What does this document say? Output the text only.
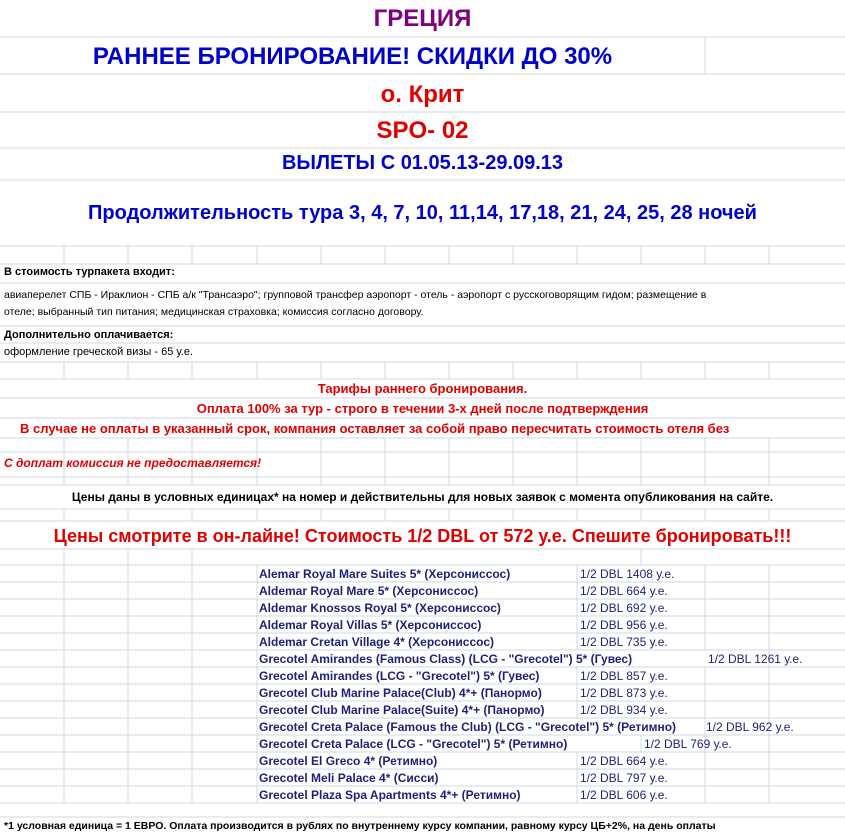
ГРЕЦИЯ
РАННЕЕ БРОНИРОВАНИЕ! СКИДКИ ДО 30%
о. Крит
SPO- 02
ВЫЛЕТЫ С 01.05.13-29.09.13
Продолжительность тура 3, 4, 7, 10, 11,14, 17,18, 21, 24, 25, 28 ночей
В стоимость турпакета входит:
авиаперелет СПБ - Ираклион - СПБ а/к "Трансаэро"; групповой трансфер аэропорт - отель - аэропорт с русскоговорящим гидом; размещение в
отеле; выбранный тип питания; медицинская страховка; комиссия согласно договору.
Дополнительно оплачивается:
оформление греческой визы - 65 у.е.
Тарифы раннего бронирования.
Оплата 100% за тур - строго в течении 3-х дней после подтверждения
В случае не оплаты в указанный срок, компания оставляет за собой право пересчитать стоимость отеля без
С доплат комиссия не предоставляется!
Цены даны в условных единицах* на номер и действительны для новых заявок с момента опубликования на сайте.
Цены смотрите в он-лайне! Стоимость 1/2 DBL от 572 у.е. Спешите бронировать!!!
Alemar Royal Mare Suites 5* (Херсониссос)	1/2 DBL 1408 у.е.
Aldemar Royal Mare 5* (Херсониссос)	1/2 DBL 664 у.е.
Aldemar Knossos Royal 5* (Херсониссос)	1/2 DBL 692 у.е.
Aldemar Royal Villas 5* (Херсониссос)	1/2 DBL 956 у.е.
Aldemar Cretan Village 4* (Херсониссос)	1/2 DBL 735 у.е.
Grecotel Amirandes (Famous Class) (LCG - "Grecotel") 5* (Гувес)	1/2 DBL 1261 у.е.
Grecotel Amirandes (LCG - "Grecotel") 5* (Гувес)	1/2 DBL 857 у.е.
Grecotel Club Marine Palace(Club) 4*+ (Панормо)	1/2 DBL 873 у.е.
Grecotel Club Marine Palace(Suite) 4*+ (Панормо)	1/2 DBL 934 у.е.
Grecotel Creta Palace (Famous the Club) (LCG - "Grecotel") 5* (Ретимно) 1/2 DBL 962 у.е.
Grecotel Creta Palace (LCG - "Grecotel") 5* (Ретимно)	1/2 DBL 769 у.е.
Grecotel El Greco 4* (Ретимно)	1/2 DBL 664 у.е.
Grecotel Meli Palace 4* (Сисси)	1/2 DBL 797 у.е.
Grecotel Plaza Spa Apartments 4*+ (Ретимно)	1/2 DBL 606 у.е.
*1 условная единица = 1 ЕВРО. Оплата производится в рублях по внутреннему курсу компании, равному курсу ЦБ+2%, на день оплаты
